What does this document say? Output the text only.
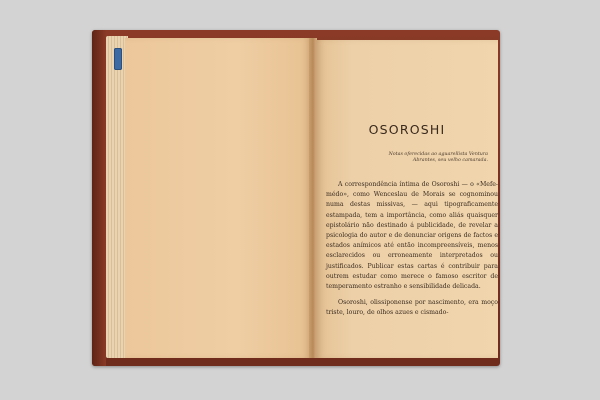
OSOROSHI
Notas oferecidas ao aguarellista Ventura Abrantes, seu velho camarada.

A correspondência íntima de Osoroshi — o «Mefe-médo», como Wenceslau de Morais se cognominou numa destas missivas, — aqui tipograficamente estampada, tem a importância, como aliás quaisquer epistolário não destinado á publicidade, de revelar a psicologia do autor e de denunciar origens de factos e estados anímicos até então incompreensíveis, menos esclarecidos ou erroneamente interpretados ou justificados. Publicar estas cartas é contribuir para outrem estudar como merece o famoso escritor de temperamento estranho e sensibilidade delicada.

Osoroshi, olissiponense por nascimento, era moço triste, louro, de olhos azues e cismado-
